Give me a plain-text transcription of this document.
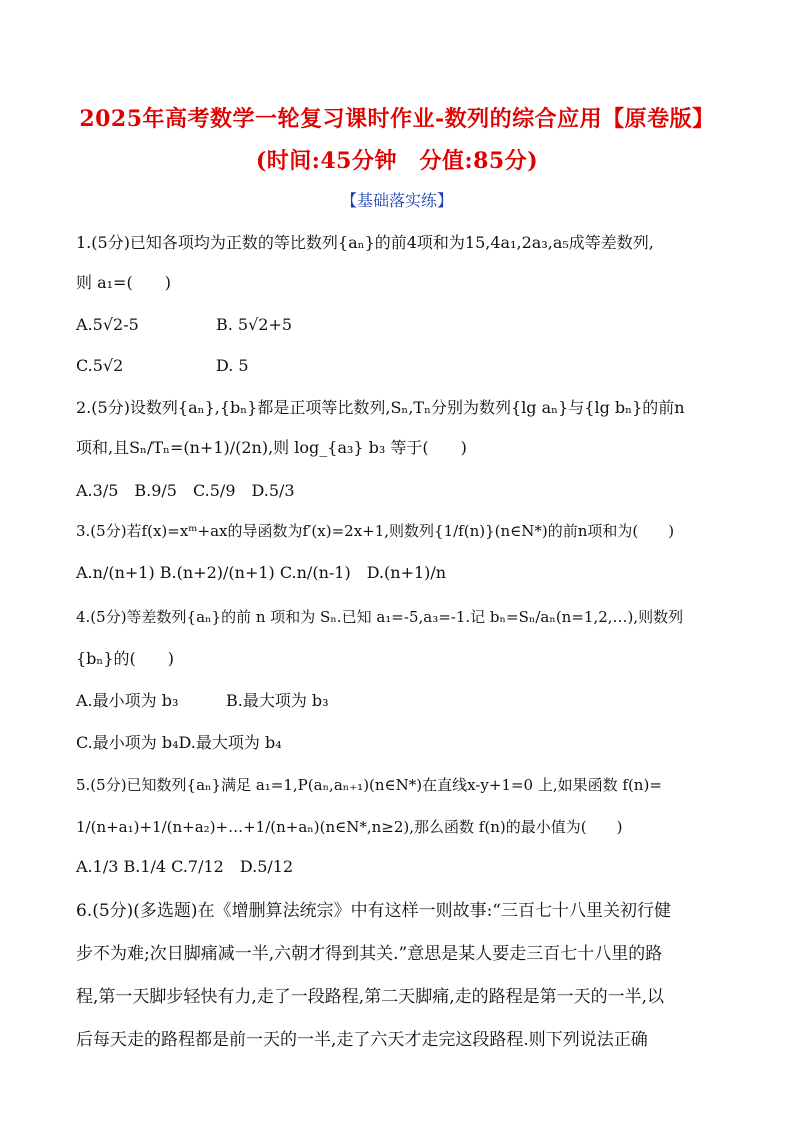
2025年高考数学一轮复习课时作业-数列的综合应用【原卷版】
(时间:45分钟　分值:85分)
【基础落实练】
1.(5分)已知各项均为正数的等比数列{aₙ}的前4项和为15,4a₁,2a₃,a₅成等差数列,
则 a₁=(　　)
A.5√2-5	B. 5√2+5
C.5√2	D. 5
2.(5分)设数列{aₙ},{bₙ}都是正项等比数列,Sₙ,Tₙ分别为数列{lg aₙ}与{lg bₙ}的前n
项和,且Sₙ/Tₙ=(n+1)/(2n),则 log_{a₃} b₃ 等于(　　)
A.3/5　B.9/5　C.5/9　D.5/3
3.(5分)若f(x)=xᵐ+ax的导函数为f′(x)=2x+1,则数列{1/f(n)}(n∈N*)的前n项和为(　　)
A.n/(n+1) B.(n+2)/(n+1) C.n/(n-1)　D.(n+1)/n
4.(5分)等差数列{aₙ}的前 n 项和为 Sₙ.已知 a₁=-5,a₃=-1.记 bₙ=Sₙ/aₙ(n=1,2,…),则数列
{bₙ}的(　　)
A.最小项为 b₃	B.最大项为 b₃
C.最小项为 b₄D.最大项为 b₄
5.(5分)已知数列{aₙ}满足 a₁=1,P(aₙ,aₙ₊₁)(n∈N*)在直线x-y+1=0 上,如果函数 f(n)=
1/(n+a₁)+1/(n+a₂)+…+1/(n+aₙ)(n∈N*,n≥2),那么函数 f(n)的最小值为(　　)
A.1/3 B.1/4 C.7/12　D.5/12
6.(5分)(多选题)在《增删算法统宗》中有这样一则故事:“三百七十八里关初行健
步不为难;次日脚痛减一半,六朝才得到其关.”意思是某人要走三百七十八里的路
程,第一天脚步轻快有力,走了一段路程,第二天脚痛,走的路程是第一天的一半,以
后每天走的路程都是前一天的一半,走了六天才走完这段路程.则下列说法正确
